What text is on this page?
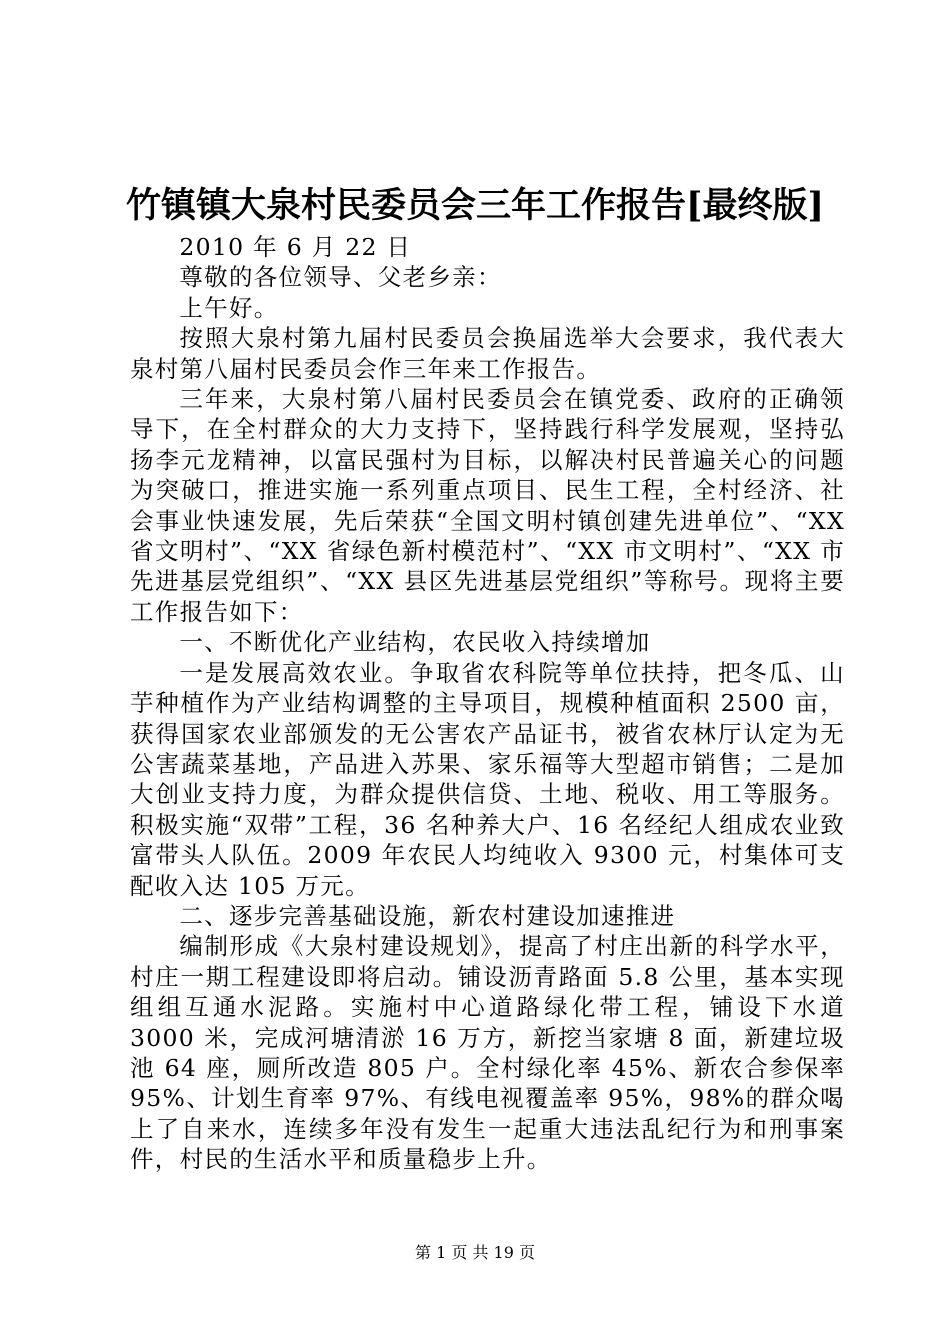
竹镇镇大泉村民委员会三年工作报告[最终版]

2010 年 6 月 22 日

尊敬的各位领导、父老乡亲：

上午好。

按照大泉村第九届村民委员会换届选举大会要求，我代表大泉村第八届村民委员会作三年来工作报告。

三年来，大泉村第八届村民委员会在镇党委、政府的正确领导下，在全村群众的大力支持下，坚持践行科学发展观，坚持弘扬李元龙精神，以富民强村为目标，以解决村民普遍关心的问题为突破口，推进实施一系列重点项目、民生工程，全村经济、社会事业快速发展，先后荣获“全国文明村镇创建先进单位”、“XX 省文明村”、“XX 省绿色新村模范村”、“XX 市文明村”、“XX 市先进基层党组织”、“XX 县区先进基层党组织”等称号。现将主要工作报告如下：

一、不断优化产业结构，农民收入持续增加

一是发展高效农业。争取省农科院等单位扶持，把冬瓜、山芋种植作为产业结构调整的主导项目，规模种植面积 2500 亩，获得国家农业部颁发的无公害农产品证书，被省农林厅认定为无公害蔬菜基地，产品进入苏果、家乐福等大型超市销售；二是加大创业支持力度，为群众提供信贷、土地、税收、用工等服务。积极实施“双带”工程，36 名种养大户、16 名经纪人组成农业致富带头人队伍。2009 年农民人均纯收入 9300 元，村集体可支配收入达 105 万元。

二、逐步完善基础设施，新农村建设加速推进

编制形成《大泉村建设规划》，提高了村庄出新的科学水平，村庄一期工程建设即将启动。铺设沥青路面 5.8 公里，基本实现组组互通水泥路。实施村中心道路绿化带工程，铺设下水道 3000 米，完成河塘清淤 16 万方，新挖当家塘 8 面，新建垃圾池 64 座，厕所改造 805 户。全村绿化率 45%、新农合参保率 95%、计划生育率 97%、有线电视覆盖率 95%，98%的群众喝上了自来水，连续多年没有发生一起重大违法乱纪行为和刑事案件，村民的生活水平和质量稳步上升。

第 1 页 共 19 页
